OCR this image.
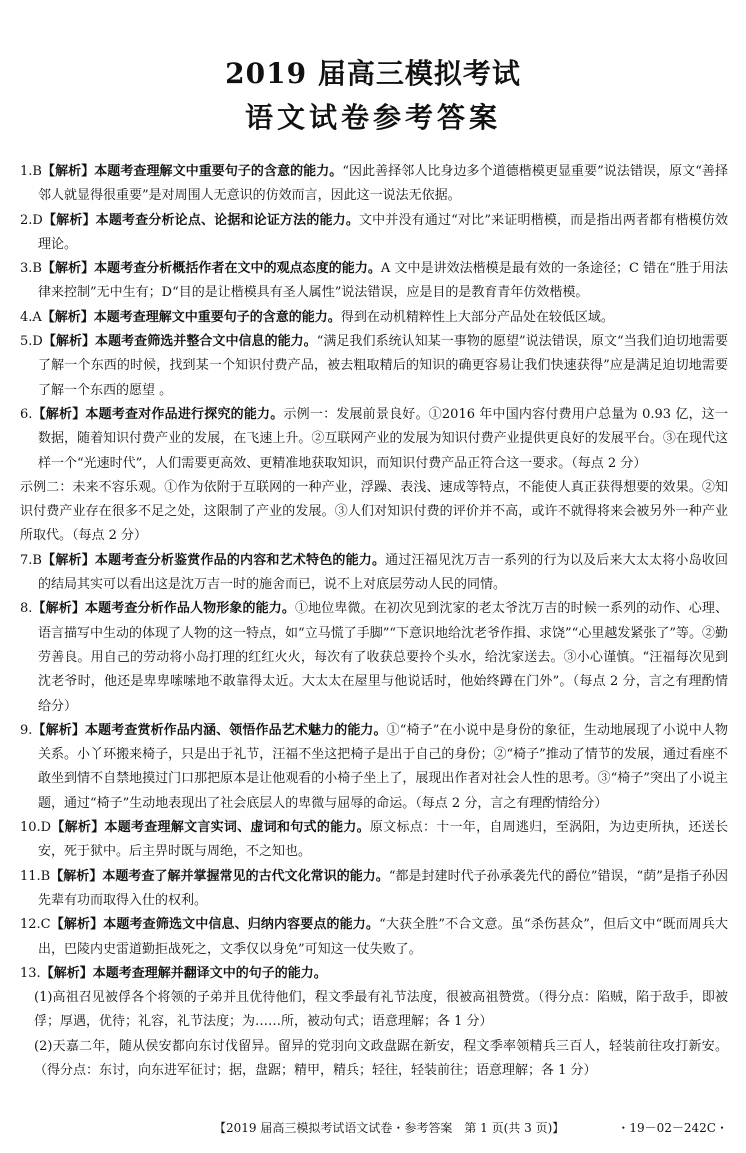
2019 届高三模拟考试
语文试卷参考答案

1.B【解析】本题考查理解文中重要句子的含意的能力。“因此善择邻人比身边多个道德楷模更显重要”说法错误，原文“善择邻人就显得很重要”是对周围人无意识的仿效而言，因此这一说法无依据。

2.D【解析】本题考查分析论点、论据和论证方法的能力。文中并没有通过“对比”来证明楷模，而是指出两者都有楷模仿效理论。

3.B【解析】本题考查分析概括作者在文中的观点态度的能力。A 文中是讲效法楷模是最有效的一条途径；C 错在“胜于用法律来控制”无中生有；D“目的是让楷模具有圣人属性”说法错误，应是目的是教育青年仿效楷模。

4.A【解析】本题考查理解文中重要句子的含意的能力。得到在动机精粹性上大部分产品处在较低区域。

5.D【解析】本题考查筛选并整合文中信息的能力。“满足我们系统认知某一事物的愿望”说法错误，原文“当我们迫切地需要了解一个东西的时候，找到某一个知识付费产品，被去粗取精后的知识的确更容易让我们快速获得”应是满足迫切地需要了解一个东西的愿望 。

6.【解析】本题考查对作品进行探究的能力。示例一：发展前景良好。①2016 年中国内容付费用户总量为 0.93 亿，这一数据，随着知识付费产业的发展，在飞速上升。②互联网产业的发展为知识付费产业提供更良好的发展平台。③在现代这样一个“光速时代”，人们需要更高效、更精准地获取知识，而知识付费产品正符合这一要求。（每点 2 分）

示例二：未来不容乐观。①作为依附于互联网的一种产业，浮躁、表浅、速成等特点，不能使人真正获得想要的效果。②知识付费产业存在很多不足之处，这限制了产业的发展。③人们对知识付费的评价并不高，或许不就得将来会被另外一种产业所取代。（每点 2 分）

7.B【解析】本题考查分析鉴赏作品的内容和艺术特色的能力。通过汪福见沈万吉一系列的行为以及后来大太太将小岛收回的结局其实可以看出这是沈万吉一时的施舍而已，说不上对底层劳动人民的同情。

8.【解析】本题考查分析作品人物形象的能力。①地位卑微。在初次见到沈家的老太爷沈万吉的时候一系列的动作、心理、语言描写中生动的体现了人物的这一特点，如“立马慌了手脚”“下意识地给沈老爷作揖、求饶”“心里越发紧张了”等。②勤劳善良。用自己的劳动将小岛打理的红红火火，每次有了收获总要拎个头水，给沈家送去。③小心谨慎。“汪福每次见到沈老爷时，他还是卑卑嗦嗦地不敢靠得太近。大太太在屋里与他说话时，他始终蹲在门外”。（每点 2 分，言之有理酌情给分）

9.【解析】本题考查赏析作品内涵、领悟作品艺术魅力的能力。①“椅子”在小说中是身份的象征，生动地展现了小说中人物关系。小丫环搬来椅子，只是出于礼节，汪福不坐这把椅子是出于自己的身份；②“椅子”推动了情节的发展，通过看座不敢坐到情不自禁地摸过门口那把原本是让他观看的小椅子坐上了，展现出作者对社会人性的思考。③“椅子”突出了小说主题，通过“椅子”生动地表现出了社会底层人的卑微与屈辱的命运。（每点 2 分，言之有理酌情给分）

10.D【解析】本题考查理解文言实词、虚词和句式的能力。原文标点：十一年，自周逃归，至涡阳，为边吏所执，还送长安，死于狱中。后主畀时既与周绝，不之知也。

11.B【解析】本题考查了解并掌握常见的古代文化常识的能力。“都是封建时代子孙承袭先代的爵位”错误，“荫”是指子孙因先辈有功而取得入仕的权利。

12.C【解析】本题考查筛选文中信息、归纳内容要点的能力。“大获全胜”不合文意。虽“杀伤甚众”，但后文中“既而周兵大出，巴陵内史雷道勤拒战死之，文季仅以身免”可知这一仗失败了。

13.【解析】本题考查理解并翻译文中的句子的能力。

(1)高祖召见被俘各个将领的子弟并且优待他们，程文季最有礼节法度，很被高祖赞赏。（得分点：陷贼，陷于敌手，即被俘；厚遇，优待；礼容，礼节法度；为……所，被动句式；语意理解；各 1 分）

(2)天嘉二年，随从侯安都向东讨伐留异。留异的党羽向文政盘踞在新安，程文季率领精兵三百人，轻装前往攻打新安。（得分点：东讨，向东进军征讨；据，盘踞；精甲，精兵；轻往，轻装前往；语意理解；各 1 分）

【2019 届高三模拟考试语文试卷・参考答案　第 1 页(共 3 页)】	・19－02－242C・
